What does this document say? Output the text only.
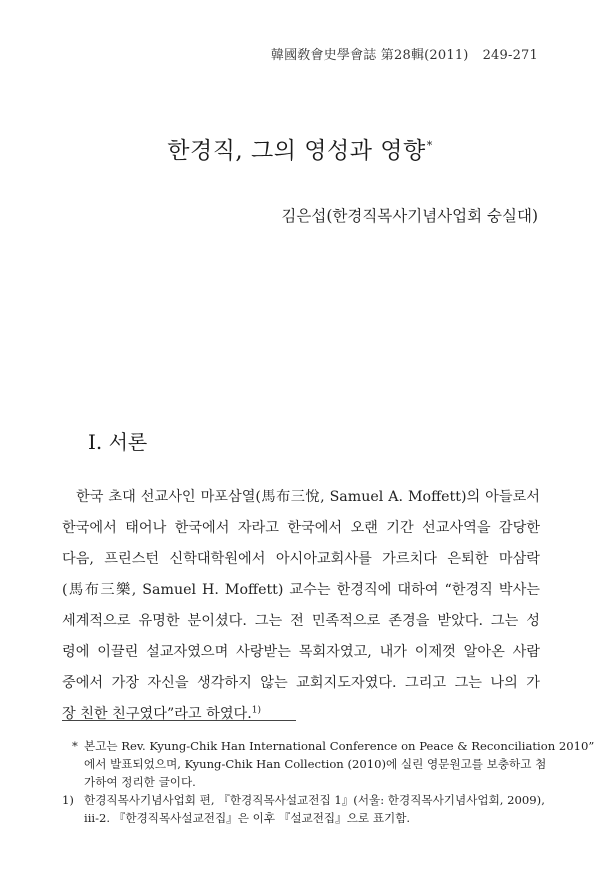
韓國敎會史學會誌 第28輯(2011) 249-271
한경직, 그의 영성과 영향*
김은섭(한경직목사기념사업회 숭실대)
Ⅰ. 서론
한국 초대 선교사인 마포삼열(馬布三悅, Samuel A. Moffett)의 아들로서
한국에서 태어나 한국에서 자라고 한국에서 오랜 기간 선교사역을 감당한
다음, 프린스턴 신학대학원에서 아시아교회사를 가르치다 은퇴한 마삼락
(馬布三樂, Samuel H. Moffett) 교수는 한경직에 대하여 “한경직 박사는
세계적으로 유명한 분이셨다. 그는 전 민족적으로 존경을 받았다. 그는 성
령에 이끌린 설교자였으며 사랑받는 목회자였고, 내가 이제껏 알아온 사람
중에서 가장 자신을 생각하지 않는 교회지도자였다. 그리고 그는 나의 가
장 친한 친구였다”라고 하였다.$^{1)}$
* 본고는 Rev. Kyung-Chik Han International Conference on Peace & Reconciliation 2010”
에서 발표되었으며, Kyung-Chik Han Collection (2010)에 실린 영문원고를 보충하고 첨
가하여 정리한 글이다.
1) 한경직목사기념사업회 편, 『한경직목사설교전집 1』(서울: 한경직목사기념사업회, 2009),
iii-2. 『한경직목사설교전집』은 이후 『설교전집』으로 표기함.
